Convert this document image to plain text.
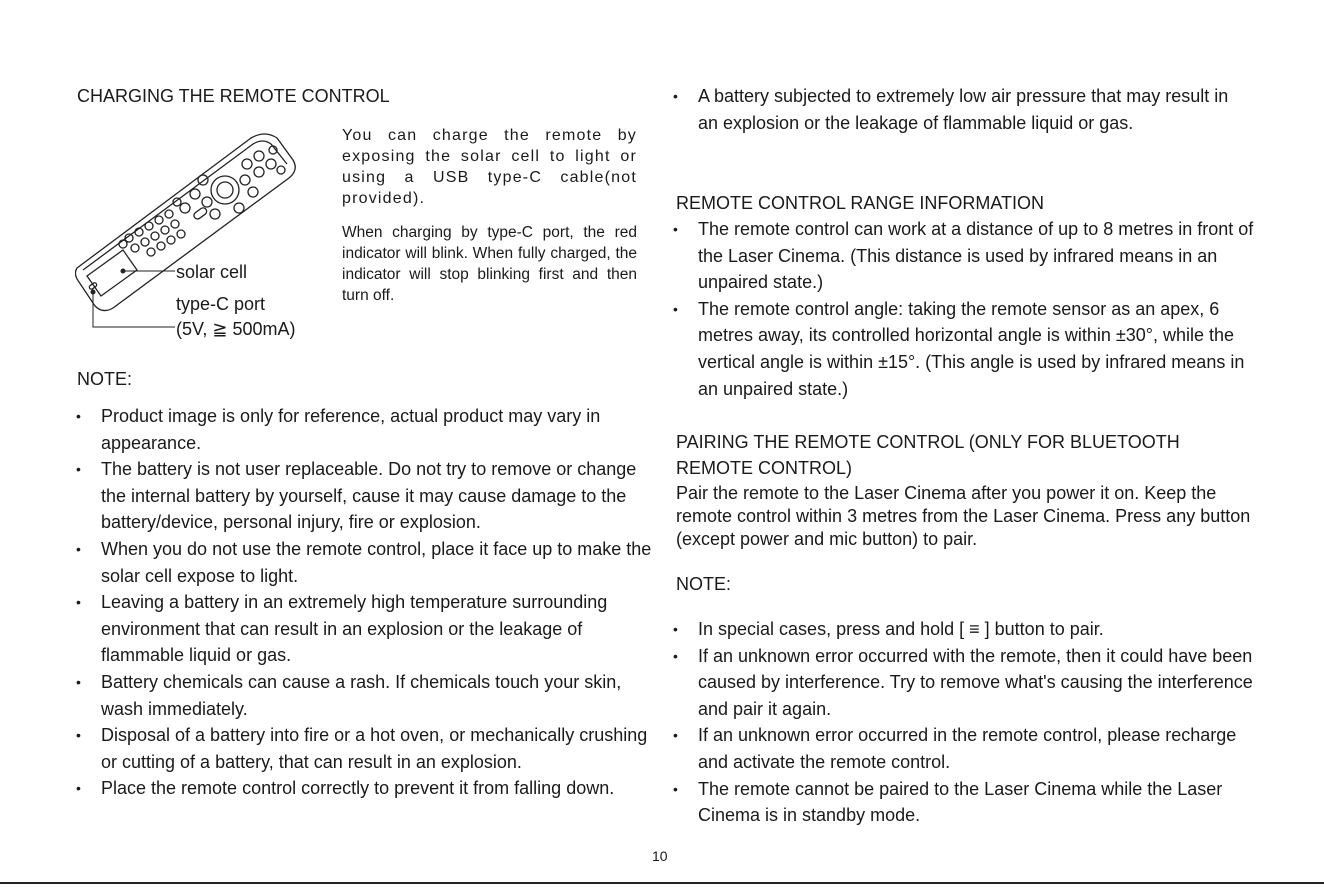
CHARGING THE REMOTE CONTROL
solar cell
type-C port
(5V, ≧ 500mA)
You can charge the remote by exposing the solar cell to light or using a USB type-C cable(not provided).
When charging by type-C port, the red indicator will blink. When fully charged, the indicator will stop blinking first and then turn off.
NOTE:
• Product image is only for reference, actual product may vary in appearance.
• The battery is not user replaceable. Do not try to remove or change the internal battery by yourself, cause it may cause damage to the battery/device, personal injury, fire or explosion.
• When you do not use the remote control, place it face up to make the solar cell expose to light.
• Leaving a battery in an extremely high temperature surrounding environment that can result in an explosion or the leakage of flammable liquid or gas.
• Battery chemicals can cause a rash. If chemicals touch your skin, wash immediately.
• Disposal of a battery into fire or a hot oven, or mechanically crushing or cutting of a battery, that can result in an explosion.
• Place the remote control correctly to prevent it from falling down.
• A battery subjected to extremely low air pressure that may result in an explosion or the leakage of flammable liquid or gas.
REMOTE CONTROL RANGE INFORMATION
• The remote control can work at a distance of up to 8 metres in front of the Laser Cinema. (This distance is used by infrared means in an unpaired state.)
• The remote control angle: taking the remote sensor as an apex, 6 metres away, its controlled horizontal angle is within ±30°, while the vertical angle is within ±15°. (This angle is used by infrared means in an unpaired state.)
PAIRING THE REMOTE CONTROL (ONLY FOR BLUETOOTH
REMOTE CONTROL)
Pair the remote to the Laser Cinema after you power it on. Keep the remote control within 3 metres from the Laser Cinema. Press any button (except power and mic button) to pair.
NOTE:
• In special cases, press and hold [ ≡ ] button to pair.
• If an unknown error occurred with the remote, then it could have been caused by interference. Try to remove what's causing the interference and pair it again.
• If an unknown error occurred in the remote control, please recharge and activate the remote control.
• The remote cannot be paired to the Laser Cinema while the Laser Cinema is in standby mode.
10
